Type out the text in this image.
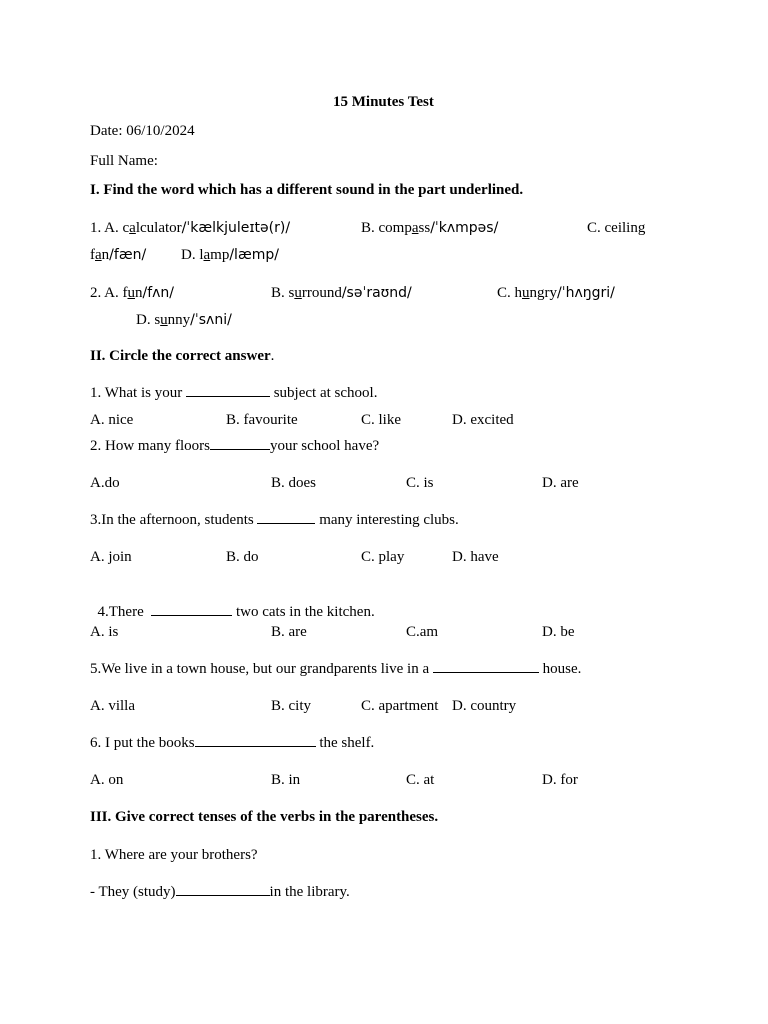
15 Minutes Test
Date: 06/10/2024
Full Name:
I. Find the word which has a different sound in the part underlined.
1. A. calculator/ˈkælkjuleɪtə(r)/	B. compass/ˈkʌmpəs/	C. ceiling
fan/fæn/ D. lamp/læmp/
2. A. fun/fʌn/	B. surround/səˈraʊnd/	C. hungry/ˈhʌŋgri/
D. sunny/ˈsʌni/
II. Circle the correct answer.
1. What is your	subject at school.
A. nice	B. favourite	C. like	D. excited
2. How many floors	your school have?
A.do	B. does	C. is	D. are
3.In the afternoon, students	many interesting clubs.
A. join	B. do	C. play	D. have

4.There	two cats in the kitchen.

A. is	B. are	C.am	D. be
5.We live in a town house, but our grandparents live in a	house.
A. villa	B. city	C. apartment D. country
6. I put the books	the shelf.
A. on	B. in	C. at	D. for
III. Give correct tenses of the verbs in the parentheses.
1. Where are your brothers?
- They (study)	in the library.
